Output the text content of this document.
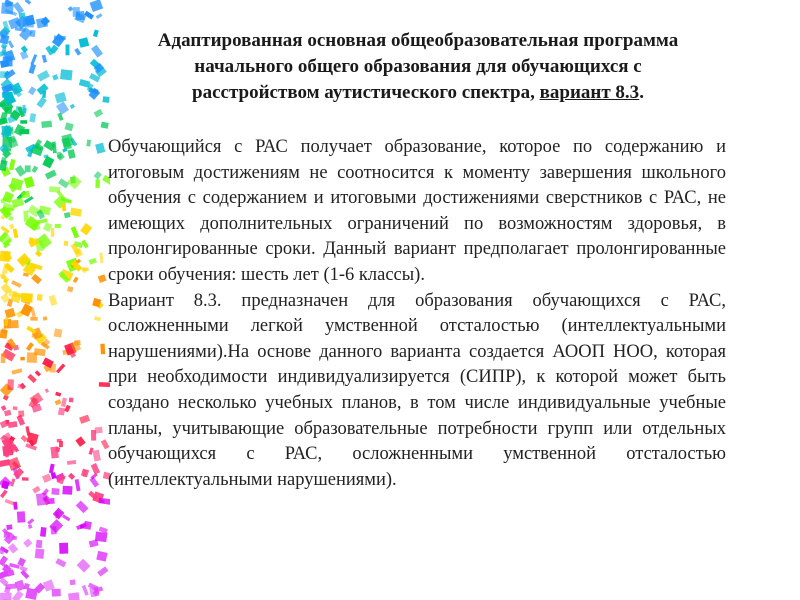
Адаптированная основная общеобразовательная программа
начального общего образования для обучающихся с
расстройством аутистического спектра, вариант 8.3.

Обучающийся с РАС получает образование, которое по содержанию и итоговым достижениям не соотносится к моменту завершения школьного обучения с содержанием и итоговыми достижениями сверстников с РАС, не имеющих дополнительных ограничений по возможностям здоровья, в пролонгированные сроки. Данный вариант предполагает пролонгированные сроки обучения: шесть лет (1-6 классы).

Вариант 8.3. предназначен для образования обучающихся с РАС, осложненными легкой умственной отсталостью (интеллектуальными нарушениями).На основе данного варианта создается АООП НОО, которая при необходимости индивидуализируется (СИПР), к которой может быть создано несколько учебных планов, в том числе индивидуальные учебные планы, учитывающие образовательные потребности групп или отдельных обучающихся с РАС, осложненными умственной отсталостью (интеллектуальными нарушениями).
